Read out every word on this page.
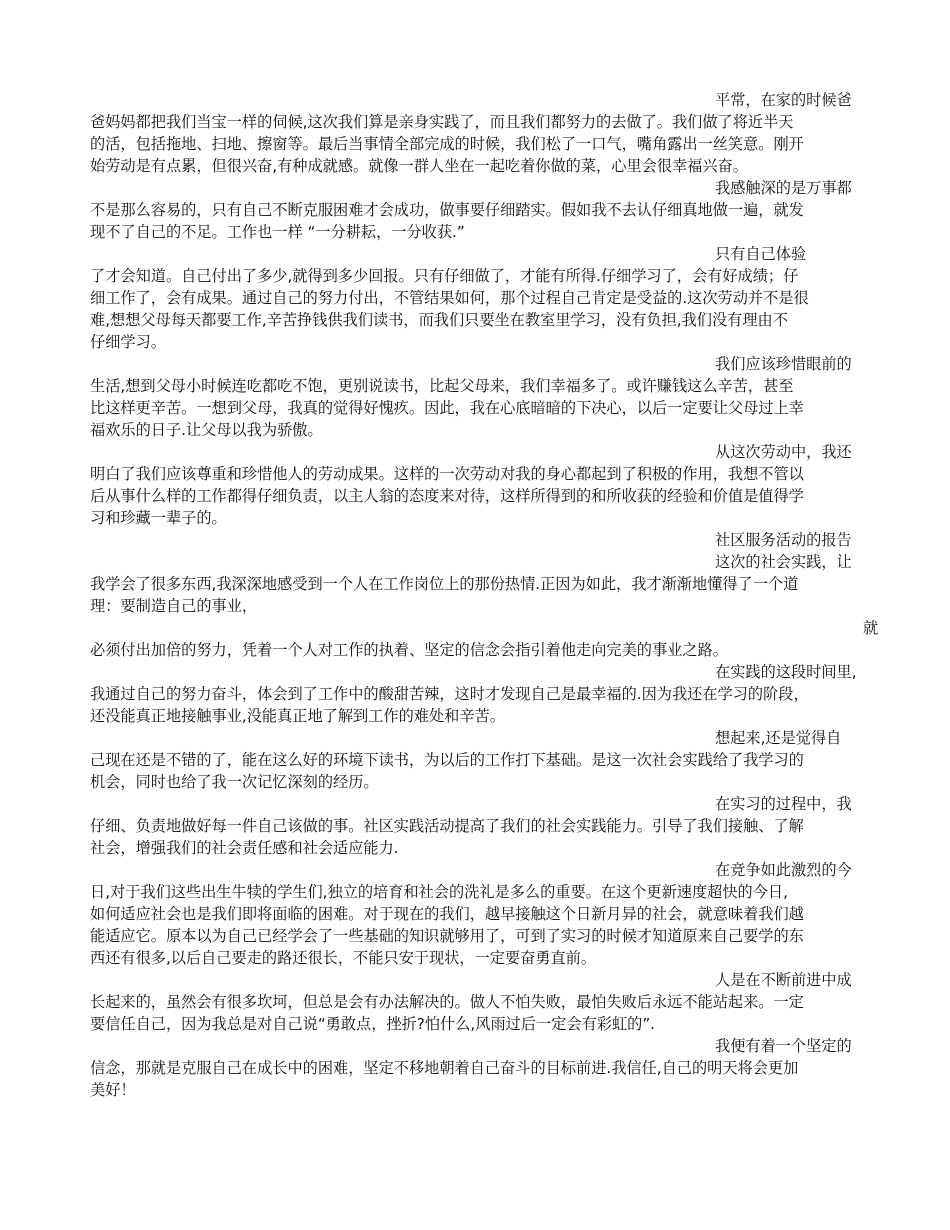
平常，在家的时候爸
爸妈妈都把我们当宝一样的伺候,这次我们算是亲身实践了，而且我们都努力的去做了。我们做了将近半天
的活，包括拖地、扫地、擦窗等。最后当事情全部完成的时候，我们松了一口气，嘴角露出一丝笑意。刚开
始劳动是有点累，但很兴奋,有种成就感。就像一群人坐在一起吃着你做的菜，心里会很幸福兴奋。
我感触深的是万事都
不是那么容易的，只有自己不断克服困难才会成功，做事要仔细踏实。假如我不去认仔细真地做一遍，就发
现不了自己的不足。工作也一样 “一分耕耘，一分收获.”
只有自己体验
了才会知道。自己付出了多少,就得到多少回报。只有仔细做了，才能有所得.仔细学习了，会有好成绩；仔
细工作了，会有成果。通过自己的努力付出，不管结果如何，那个过程自己肯定是受益的.这次劳动并不是很
难,想想父母每天都要工作,辛苦挣钱供我们读书，而我们只要坐在教室里学习，没有负担,我们没有理由不
仔细学习。
我们应该珍惜眼前的
生活,想到父母小时候连吃都吃不饱，更别说读书，比起父母来，我们幸福多了。或许赚钱这么辛苦，甚至
比这样更辛苦。一想到父母，我真的觉得好愧疚。因此，我在心底暗暗的下决心，以后一定要让父母过上幸
福欢乐的日子.让父母以我为骄傲。
从这次劳动中，我还
明白了我们应该尊重和珍惜他人的劳动成果。这样的一次劳动对我的身心都起到了积极的作用，我想不管以
后从事什么样的工作都得仔细负责，以主人翁的态度来对待，这样所得到的和所收获的经验和价值是值得学
习和珍藏一辈子的。
社区服务活动的报告
这次的社会实践，让
我学会了很多东西,我深深地感受到一个人在工作岗位上的那份热情.正因为如此，我才渐渐地懂得了一个道
理：要制造自己的事业，
就
必须付出加倍的努力，凭着一个人对工作的执着、坚定的信念会指引着他走向完美的事业之路。
在实践的这段时间里,
我通过自己的努力奋斗，体会到了工作中的酸甜苦辣，这时才发现自己是最幸福的.因为我还在学习的阶段，
还没能真正地接触事业,没能真正地了解到工作的难处和辛苦。
想起来,还是觉得自
己现在还是不错的了，能在这么好的环境下读书，为以后的工作打下基础。是这一次社会实践给了我学习的
机会，同时也给了我一次记忆深刻的经历。
在实习的过程中，我
仔细、负责地做好每一件自己该做的事。社区实践活动提高了我们的社会实践能力。引导了我们接触、了解
社会，增强我们的社会责任感和社会适应能力.
在竞争如此激烈的今
日,对于我们这些出生牛犊的学生们,独立的培育和社会的洗礼是多么的重要。在这个更新速度超快的今日,
如何适应社会也是我们即将面临的困难。对于现在的我们，越早接触这个日新月异的社会，就意味着我们越
能适应它。原本以为自己已经学会了一些基础的知识就够用了，可到了实习的时候才知道原来自己要学的东
西还有很多,以后自己要走的路还很长，不能只安于现状，一定要奋勇直前。
人是在不断前进中成
长起来的，虽然会有很多坎坷，但总是会有办法解决的。做人不怕失败，最怕失败后永远不能站起来。一定
要信任自己，因为我总是对自己说“勇敢点，挫折?怕什么,风雨过后一定会有彩虹的”.
我便有着一个坚定的
信念，那就是克服自己在成长中的困难，坚定不移地朝着自己奋斗的目标前进.我信任,自己的明天将会更加
美好！
